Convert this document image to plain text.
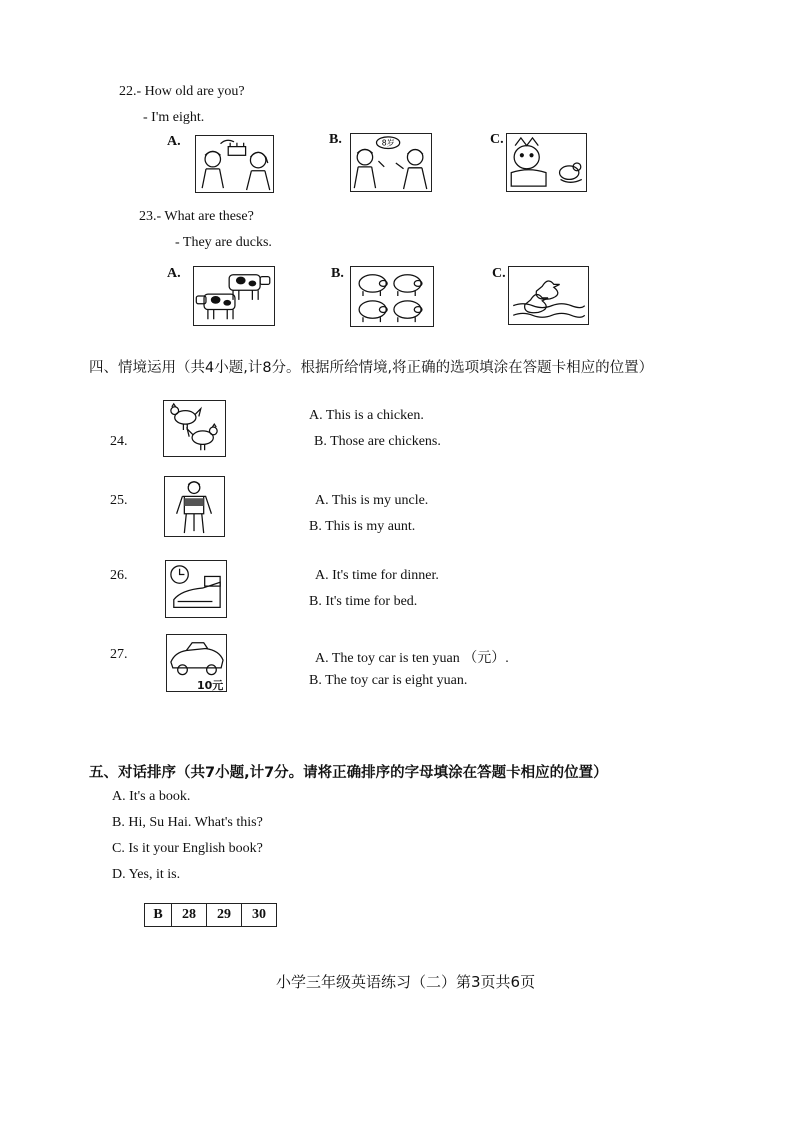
22.- How old are you?
- I'm eight.
A.	B.	8岁	C.
23.- What are these?
- They are ducks.
A.	B.	C.
四、情境运用（共4小题,计8分。根据所给情境,将正确的选项填涂在答题卡相应的位置）
24.
A. This is a chicken.
B. Those are chickens.
25.	A. This is my uncle.
B. This is my aunt.
26.	A. It's time for dinner.
B. It's time for bed.
27.
10元
A. The toy car is ten yuan （元）.
B. The toy car is eight yuan.
五、对话排序（共7小题,计7分。请将正确排序的字母填涂在答题卡相应的位置）
A. It's a book.
B. Hi, Su Hai. What's this?
C. Is it your English book?
D. Yes, it is.
B	28	29	30
小学三年级英语练习（二）第3页共6页
